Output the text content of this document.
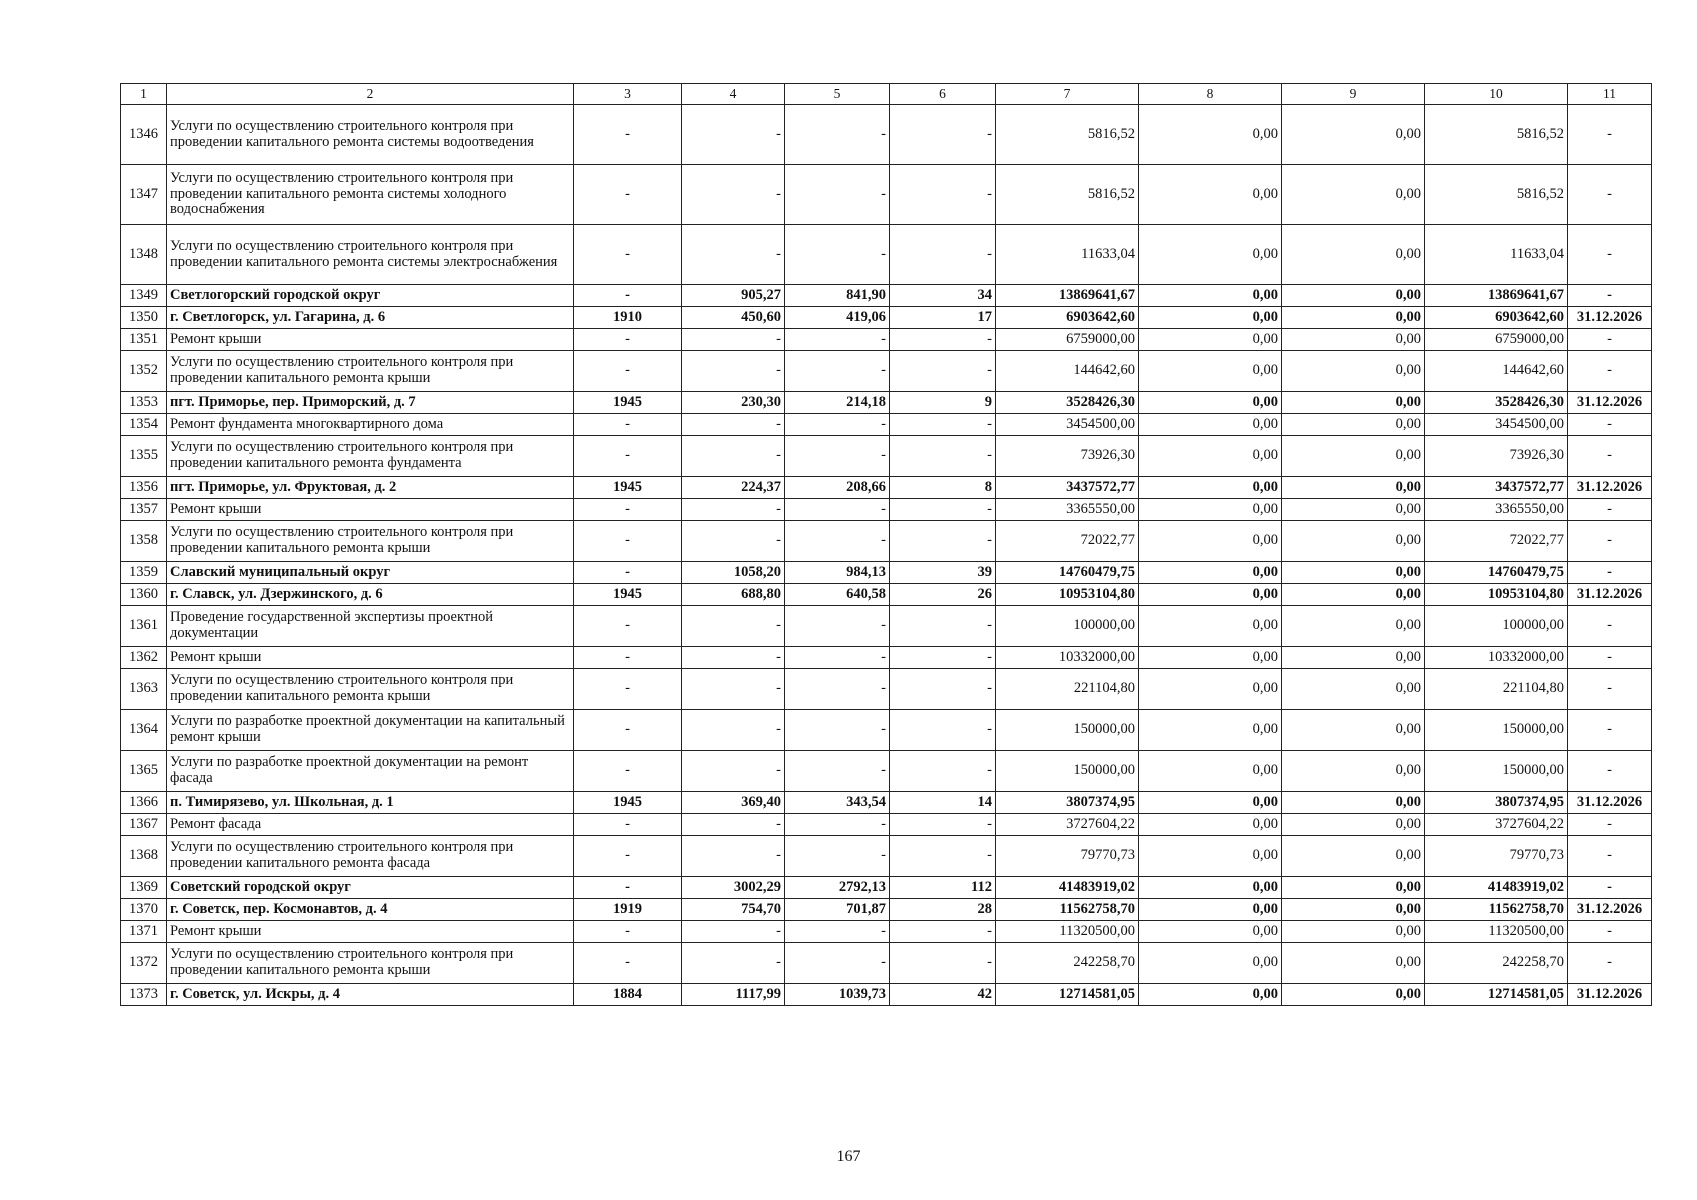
1	2	3	4	5	6	7	8	9	10	11
1346	Услуги по осуществлению строительного контроля при проведении капитального ремонта системы водоотведения	-	-	-	-	5816,52	0,00	0,00	5816,52	-
1347	Услуги по осуществлению строительного контроля при проведении капитального ремонта системы холодного водоснабжения	-	-	-	-	5816,52	0,00	0,00	5816,52	-
1348	Услуги по осуществлению строительного контроля при проведении капитального ремонта системы электроснабжения	-	-	-	-	11633,04	0,00	0,00	11633,04	-
1349	Светлогорский городской округ	-	905,27	841,90	34	13869641,67	0,00	0,00	13869641,67	-
1350	г. Светлогорск, ул. Гагарина, д. 6	1910	450,60	419,06	17	6903642,60	0,00	0,00	6903642,60	31.12.2026
1351	Ремонт крыши	-	-	-	-	6759000,00	0,00	0,00	6759000,00	-
1352	Услуги по осуществлению строительного контроля при проведении капитального ремонта крыши	-	-	-	-	144642,60	0,00	0,00	144642,60	-
1353	пгт. Приморье, пер. Приморский, д. 7	1945	230,30	214,18	9	3528426,30	0,00	0,00	3528426,30	31.12.2026
1354	Ремонт фундамента многоквартирного дома	-	-	-	-	3454500,00	0,00	0,00	3454500,00	-
1355	Услуги по осуществлению строительного контроля при проведении капитального ремонта фундамента	-	-	-	-	73926,30	0,00	0,00	73926,30	-
1356	пгт. Приморье, ул. Фруктовая, д. 2	1945	224,37	208,66	8	3437572,77	0,00	0,00	3437572,77	31.12.2026
1357	Ремонт крыши	-	-	-	-	3365550,00	0,00	0,00	3365550,00	-
1358	Услуги по осуществлению строительного контроля при проведении капитального ремонта крыши	-	-	-	-	72022,77	0,00	0,00	72022,77	-
1359	Славский муниципальный округ	-	1058,20	984,13	39	14760479,75	0,00	0,00	14760479,75	-
1360	г. Славск, ул. Дзержинского, д. 6	1945	688,80	640,58	26	10953104,80	0,00	0,00	10953104,80	31.12.2026
1361	Проведение государственной экспертизы проектной документации	-	-	-	-	100000,00	0,00	0,00	100000,00	-
1362	Ремонт крыши	-	-	-	-	10332000,00	0,00	0,00	10332000,00	-
1363	Услуги по осуществлению строительного контроля при проведении капитального ремонта крыши	-	-	-	-	221104,80	0,00	0,00	221104,80	-
1364	Услуги по разработке проектной документации на капитальный ремонт крыши	-	-	-	-	150000,00	0,00	0,00	150000,00	-
1365	Услуги по разработке проектной документации на ремонт фасада	-	-	-	-	150000,00	0,00	0,00	150000,00	-
1366	п. Тимирязево, ул. Школьная, д. 1	1945	369,40	343,54	14	3807374,95	0,00	0,00	3807374,95	31.12.2026
1367	Ремонт фасада	-	-	-	-	3727604,22	0,00	0,00	3727604,22	-
1368	Услуги по осуществлению строительного контроля при проведении капитального ремонта фасада	-	-	-	-	79770,73	0,00	0,00	79770,73	-
1369	Советский городской округ	-	3002,29	2792,13	112	41483919,02	0,00	0,00	41483919,02	-
1370	г. Советск, пер. Космонавтов, д. 4	1919	754,70	701,87	28	11562758,70	0,00	0,00	11562758,70	31.12.2026
1371	Ремонт крыши	-	-	-	-	11320500,00	0,00	0,00	11320500,00	-
1372	Услуги по осуществлению строительного контроля при проведении капитального ремонта крыши	-	-	-	-	242258,70	0,00	0,00	242258,70	-
1373	г. Советск, ул. Искры, д. 4	1884	1117,99	1039,73	42	12714581,05	0,00	0,00	12714581,05	31.12.2026
167
